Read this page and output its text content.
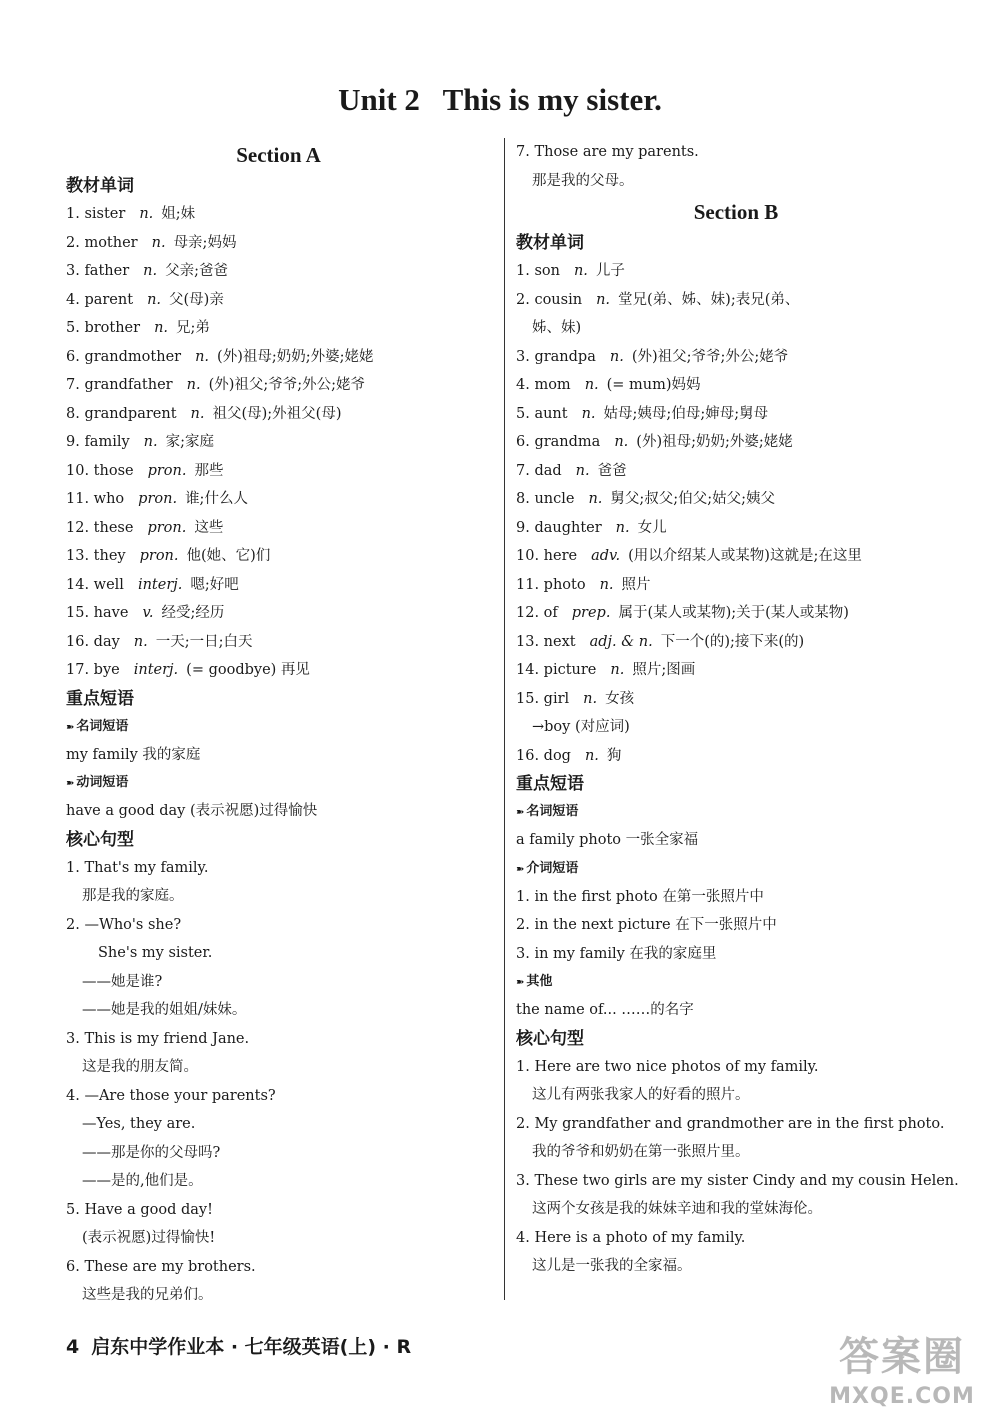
Unit 2   This is my sister.
Section A
教材单词
1. sister n. 姐;妹
2. mother n. 母亲;妈妈
3. father n. 父亲;爸爸
4. parent n. 父(母)亲
5. brother n. 兄;弟
6. grandmother n. (外)祖母;奶奶;外婆;姥姥
7. grandfather n. (外)祖父;爷爷;外公;姥爷
8. grandparent n. 祖父(母);外祖父(母)
9. family n. 家;家庭
10. those pron. 那些
11. who pron. 谁;什么人
12. these pron. 这些
13. they pron. 他(她、它)们
14. well interj. 嗯;好吧
15. have v. 经受;经历
16. day n. 一天;一日;白天
17. bye interj. (= goodbye) 再见
重点短语
➽ 名词短语
my family 我的家庭
➽ 动词短语
have a good day (表示祝愿)过得愉快
核心句型
1. That's my family.
那是我的家庭。
2. —Who's she?
She's my sister.
——她是谁?
——她是我的姐姐/妹妹。
3. This is my friend Jane.
这是我的朋友简。
4. —Are those your parents?
—Yes, they are.
——那是你的父母吗?
——是的,他们是。
5. Have a good day!
(表示祝愿)过得愉快!
6. These are my brothers.
这些是我的兄弟们。
7. Those are my parents.
那是我的父母。
Section B
教材单词
1. son n. 儿子
2. cousin n. 堂兄(弟、姊、妹);表兄(弟、
姊、妹)
3. grandpa n. (外)祖父;爷爷;外公;姥爷
4. mom n. (= mum)妈妈
5. aunt n. 姑母;姨母;伯母;婶母;舅母
6. grandma n. (外)祖母;奶奶;外婆;姥姥
7. dad n. 爸爸
8. uncle n. 舅父;叔父;伯父;姑父;姨父
9. daughter n. 女儿
10. here adv. (用以介绍某人或某物)这就是;在这里
11. photo n. 照片
12. of prep. 属于(某人或某物);关于(某人或某物)
13. next adj. & n. 下一个(的);接下来(的)
14. picture n. 照片;图画
15. girl n. 女孩
→boy (对应词)
16. dog n. 狗
重点短语
➽ 名词短语
a family photo 一张全家福
➽ 介词短语
1. in the first photo 在第一张照片中
2. in the next picture 在下一张照片中
3. in my family 在我的家庭里
➽ 其他
the name of... ……的名字
核心句型
1. Here are two nice photos of my family.
这儿有两张我家人的好看的照片。
2. My grandfather and grandmother are in the first photo.
我的爷爷和奶奶在第一张照片里。
3. These two girls are my sister Cindy and my cousin Helen.
这两个女孩是我的妹妹辛迪和我的堂妹海伦。
4. Here is a photo of my family.
这儿是一张我的全家福。
4 启东中学作业本 · 七年级英语(上) · R	答案圈
MXQE.COM
